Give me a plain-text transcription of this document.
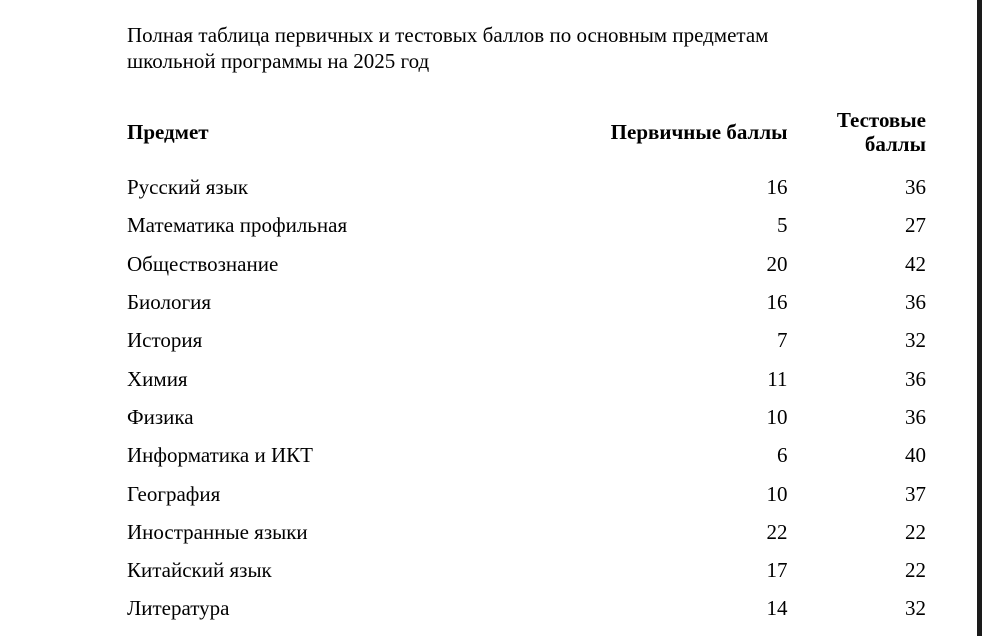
Полная таблица первичных и тестовых баллов по основным предметам школьной программы на 2025 год

Предмет	Первичные баллы	Тестовые баллы

Русский язык	16	36
Математика профильная	5	27
Обществознание	20	42
Биология	16	36
История	7	32
Химия	11	36
Физика	10	36
Информатика и ИКТ	6	40
География	10	37
Иностранные языки	22	22
Китайский язык	17	22
Литература	14	32
